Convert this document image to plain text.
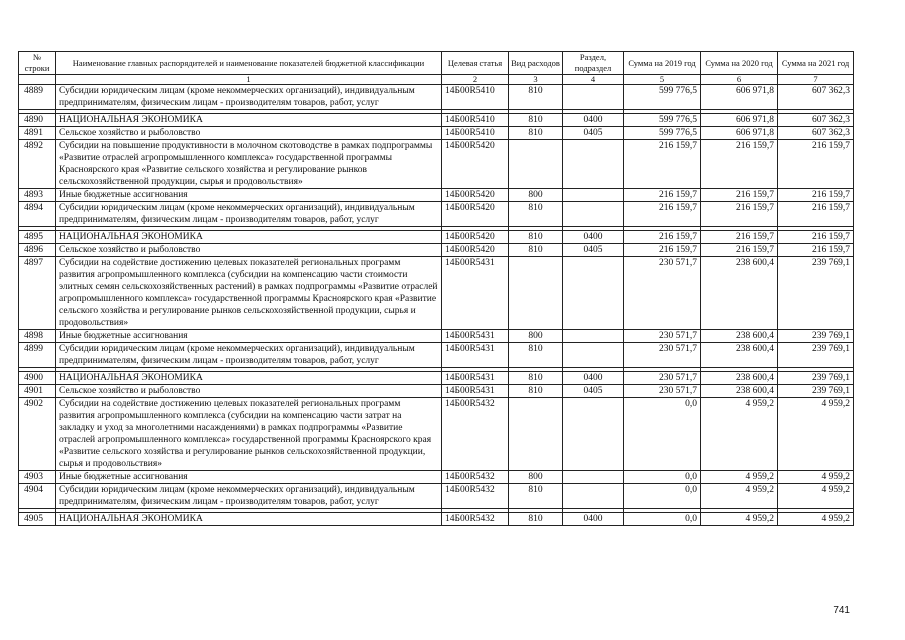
№ строки	Наименование главных распорядителей и наименование показателей бюджетной классификации	Целевая статья	Вид расходов	Раздел, подраздел	Сумма на 2019 год	Сумма на 2020 год	Сумма на 2021 год
	1	2	3	4	5	6	7
4889	Субсидии юридическим лицам (кроме некоммерческих организаций), индивидуальным предпринимателям, физическим лицам - производителям товаров, работ, услуг	14Б00R5410	810		599 776,5	606 971,8	607 362,3

4890	НАЦИОНАЛЬНАЯ ЭКОНОМИКА	14Б00R5410	810	0400	599 776,5	606 971,8	607 362,3
4891	Сельское хозяйство и рыболовство	14Б00R5410	810	0405	599 776,5	606 971,8	607 362,3
4892	Субсидии на повышение продуктивности в молочном скотоводстве в рамках подпрограммы «Развитие отраслей агропромышленного комплекса» государственной программы Красноярского края «Развитие сельского хозяйства и регулирование рынков сельскохозяйственной продукции, сырья и продовольствия»	14Б00R5420			216 159,7	216 159,7	216 159,7
4893	Иные бюджетные ассигнования	14Б00R5420	800		216 159,7	216 159,7	216 159,7
4894	Субсидии юридическим лицам (кроме некоммерческих организаций), индивидуальным предпринимателям, физическим лицам - производителям товаров, работ, услуг	14Б00R5420	810		216 159,7	216 159,7	216 159,7

4895	НАЦИОНАЛЬНАЯ ЭКОНОМИКА	14Б00R5420	810	0400	216 159,7	216 159,7	216 159,7
4896	Сельское хозяйство и рыболовство	14Б00R5420	810	0405	216 159,7	216 159,7	216 159,7
4897	Субсидии на содействие достижению целевых показателей региональных программ развития агропромышленного комплекса (субсидии на компенсацию части стоимости элитных семян сельскохозяйственных растений) в рамках подпрограммы «Развитие отраслей агропромышленного комплекса» государственной программы Красноярского края «Развитие сельского хозяйства и регулирование рынков сельскохозяйственной продукции, сырья и продовольствия»	14Б00R5431			230 571,7	238 600,4	239 769,1
4898	Иные бюджетные ассигнования	14Б00R5431	800		230 571,7	238 600,4	239 769,1
4899	Субсидии юридическим лицам (кроме некоммерческих организаций), индивидуальным предпринимателям, физическим лицам - производителям товаров, работ, услуг	14Б00R5431	810		230 571,7	238 600,4	239 769,1

4900	НАЦИОНАЛЬНАЯ ЭКОНОМИКА	14Б00R5431	810	0400	230 571,7	238 600,4	239 769,1
4901	Сельское хозяйство и рыболовство	14Б00R5431	810	0405	230 571,7	238 600,4	239 769,1
4902	Субсидии на содействие достижению целевых показателей региональных программ развития агропромышленного комплекса (субсидии на компенсацию части затрат на закладку и уход за многолетними насаждениями) в рамках подпрограммы «Развитие отраслей агропромышленного комплекса» государственной программы Красноярского края «Развитие сельского хозяйства и регулирование рынков сельскохозяйственной продукции, сырья и продовольствия»	14Б00R5432			0,0	4 959,2	4 959,2
4903	Иные бюджетные ассигнования	14Б00R5432	800		0,0	4 959,2	4 959,2
4904	Субсидии юридическим лицам (кроме некоммерческих организаций), индивидуальным предпринимателям, физическим лицам - производителям товаров, работ, услуг	14Б00R5432	810		0,0	4 959,2	4 959,2

4905	НАЦИОНАЛЬНАЯ ЭКОНОМИКА	14Б00R5432	810	0400	0,0	4 959,2	4 959,2
741
